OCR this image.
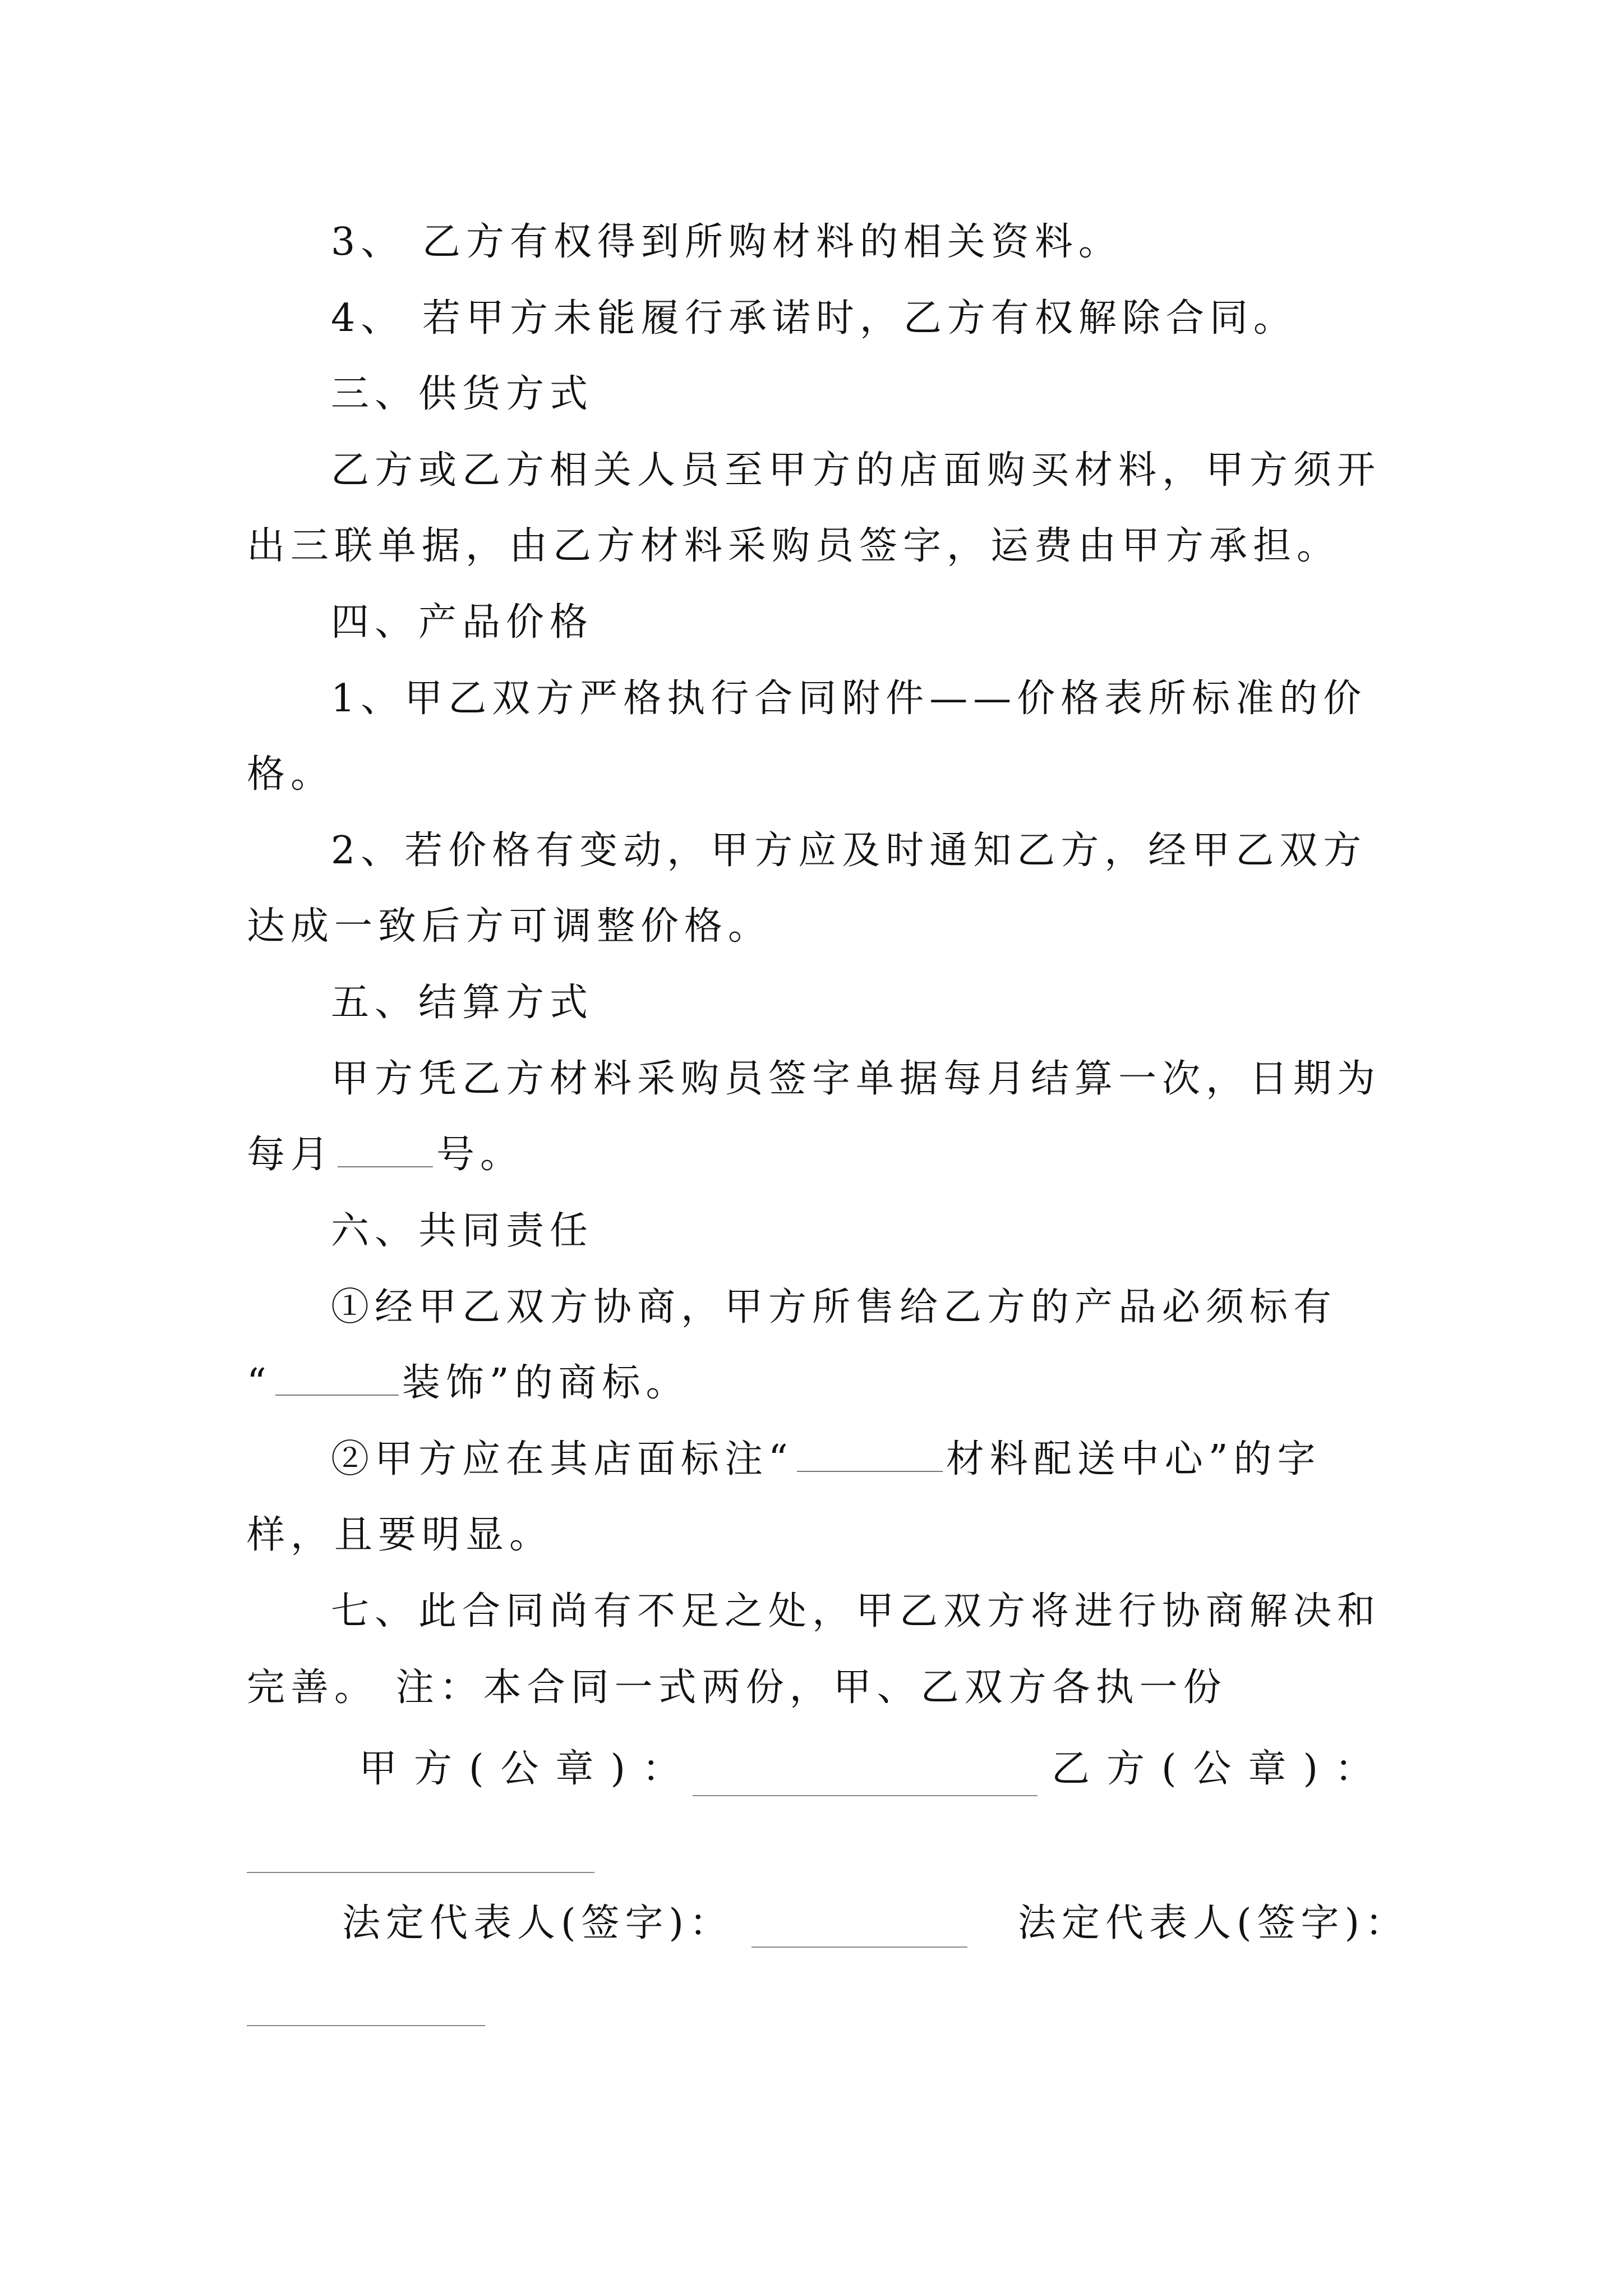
3、 乙方有权得到所购材料的相关资料。
4、 若甲方未能履行承诺时，乙方有权解除合同。
三、供货方式
乙方或乙方相关人员至甲方的店面购买材料，甲方须开
出三联单据，由乙方材料采购员签字，运费由甲方承担。
四、产品价格
1、甲乙双方严格执行合同附件——价格表所标准的价
格。
2、若价格有变动，甲方应及时通知乙方，经甲乙双方
达成一致后方可调整价格。
五、结算方式
甲方凭乙方材料采购员签字单据每月结算一次，日期为
每月	号。
六、共同责任
①经甲乙双方协商，甲方所售给乙方的产品必须标有
“	装饰”的商标。
②甲方应在其店面标注“	材料配送中心”的字
样，且要明显。
七、此合同尚有不足之处，甲乙双方将进行协商解决和
完善。 注：本合同一式两份，甲、乙双方各执一份
甲方(公章)：	乙方(公章)：
法定代表人(签字)：	法定代表人(签字)：
